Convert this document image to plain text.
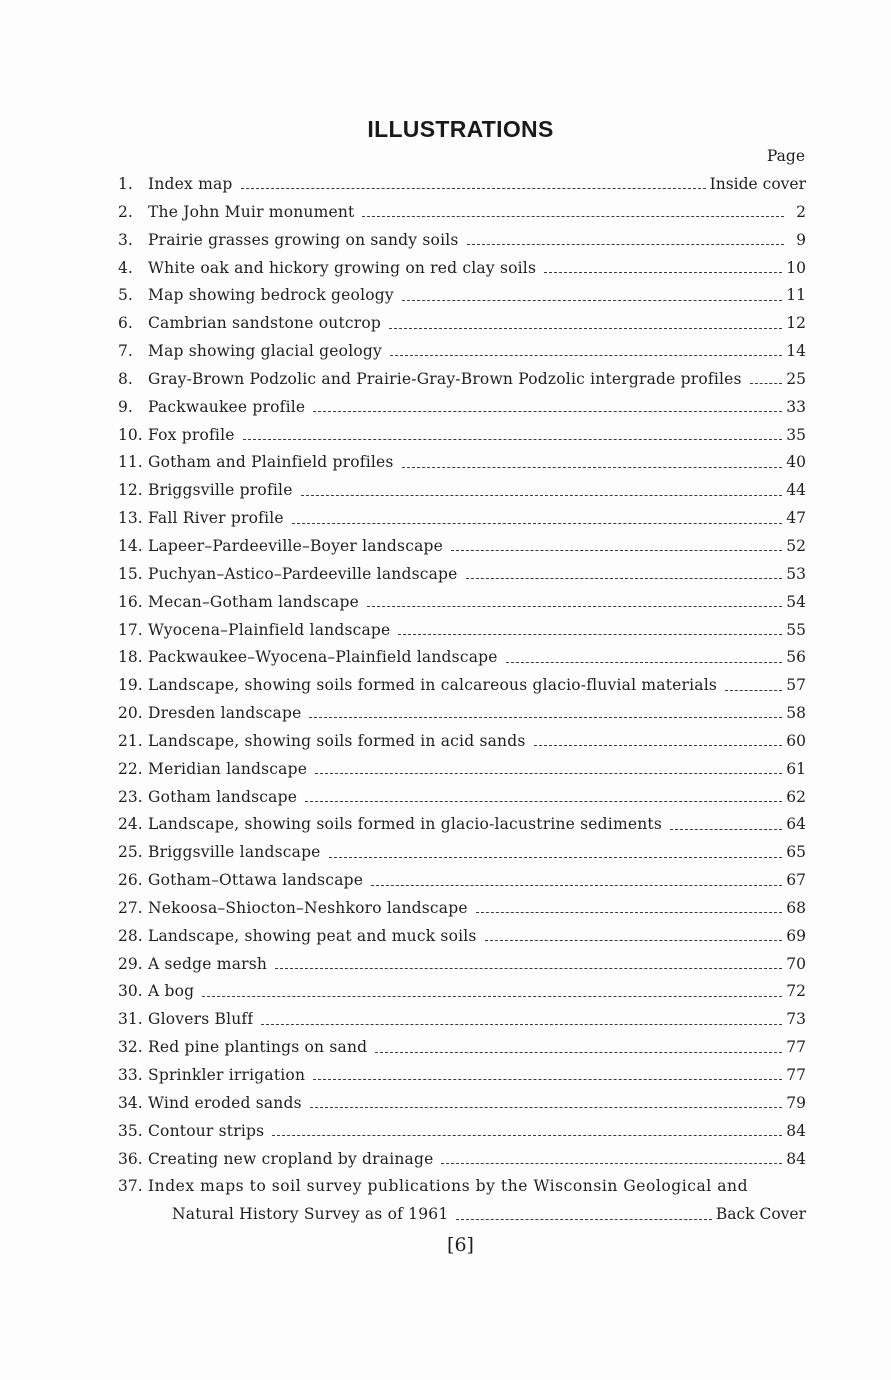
ILLUSTRATIONS
Page
1. Index map	Inside cover
2. The John Muir monument	2
3. Prairie grasses growing on sandy soils	9
4. White oak and hickory growing on red clay soils	10
5. Map showing bedrock geology	11
6. Cambrian sandstone outcrop	12
7. Map showing glacial geology	14
8. Gray-Brown Podzolic and Prairie-Gray-Brown Podzolic intergrade profiles	25
9. Packwaukee profile	33
10. Fox profile	35
11. Gotham and Plainfield profiles	40
12. Briggsville profile	44
13. Fall River profile	47
14. Lapeer–Pardeeville–Boyer landscape	52
15. Puchyan–Astico–Pardeeville landscape	53
16. Mecan–Gotham landscape	54
17. Wyocena–Plainfield landscape	55
18. Packwaukee–Wyocena–Plainfield landscape	56
19. Landscape, showing soils formed in calcareous glacio-fluvial materials	57
20. Dresden landscape	58
21. Landscape, showing soils formed in acid sands	60
22. Meridian landscape	61
23. Gotham landscape	62
24. Landscape, showing soils formed in glacio-lacustrine sediments	64
25. Briggsville landscape	65
26. Gotham–Ottawa landscape	67
27. Nekoosa–Shiocton–Neshkoro landscape	68
28. Landscape, showing peat and muck soils	69
29. A sedge marsh	70
30. A bog	72
31. Glovers Bluff	73
32. Red pine plantings on sand	77
33. Sprinkler irrigation	77
34. Wind eroded sands	79
35. Contour strips	84
36. Creating new cropland by drainage	84
37. Index maps to soil survey publications by the Wisconsin Geological and
Natural History Survey as of 1961	Back Cover
[6]
